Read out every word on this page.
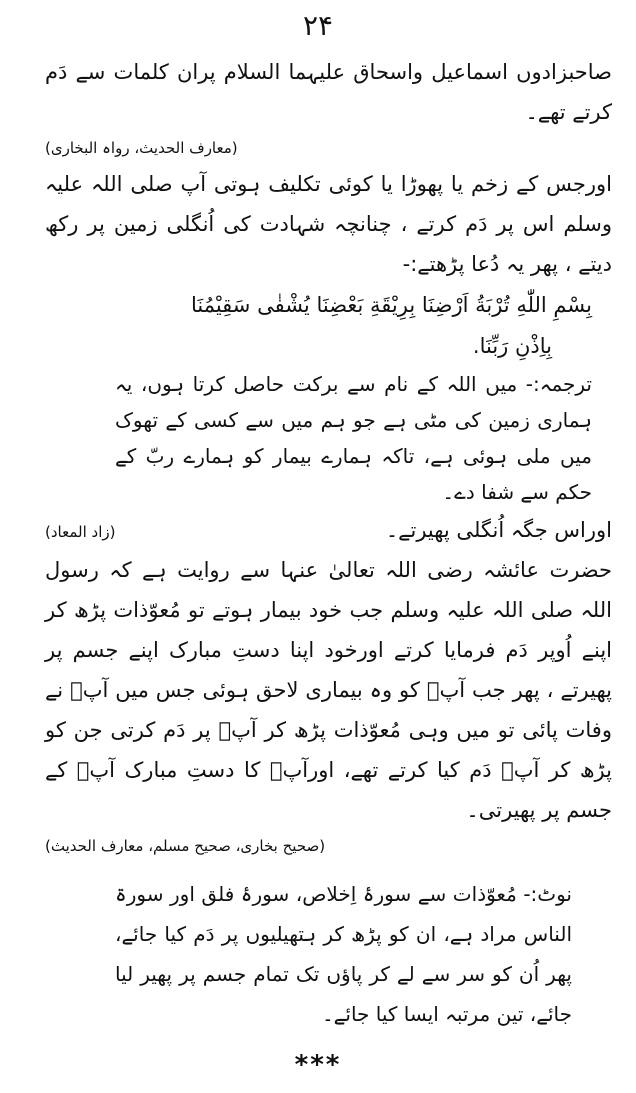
۲۴

صاحبزادوں اسماعیل واسحاق علیہما السلام پران کلمات سے دَم کرتے تھے۔

(معارف الحدیث، رواہ البخاری)

اورجس کے زخم یا پھوڑا یا کوئی تکلیف ہوتی آپ صلی اللہ علیہ وسلم اس پر دَم کرتے ، چنانچہ شہادت کی اُنگلی زمین پر رکھ دیتے ، پھر یہ دُعا پڑھتے:-

بِسْمِ اللّٰهِ تُرْبَةُ اَرْضِنَا بِرِيْقَةِ بَعْضِنَا يُشْفٰى سَقِيْمُنَا

بِاِذْنِ رَبِّنَا.

ترجمہ:- میں اللہ کے نام سے برکت حاصل کرتا ہوں، یہ ہماری زمین کی مٹی ہے جو ہم میں سے کسی کے تھوک میں ملی ہوئی ہے، تاکہ ہمارے بیمار کو ہمارے ربّ کے حکم سے شفا دے۔

اوراس جگہ اُنگلی پھیرتے۔

(زاد المعاد)

حضرت عائشہ رضی اللہ تعالیٰ عنہا سے روایت ہے کہ رسول اللہ صلی اللہ علیہ وسلم جب خود بیمار ہوتے تو مُعوّذات پڑھ کر اپنے اُوپر دَم فرمایا کرتے اورخود اپنا دستِ مبارک اپنے جسم پر پھیرتے ، پھر جب آپؐ کو وہ بیماری لاحق ہوئی جس میں آپؐ نے وفات پائی تو میں وہی مُعوّذات پڑھ کر آپؐ پر دَم کرتی جن کو پڑھ کر آپؐ دَم کیا کرتے تھے، اورآپؐ کا دستِ مبارک آپؐ کے جسم پر پھیرتی۔

(صحیح بخاری، صحیح مسلم، معارف الحدیث)

نوٹ:- مُعوّذات سے سورۂ اِخلاص، سورۂ فلق اور سورۃ الناس مراد ہے، ان کو پڑھ کر ہتھیلیوں پر دَم کیا جائے، پھر اُن کو سر سے لے کر پاؤں تک تمام جسم پر پھیر لیا جائے، تین مرتبہ ایسا کیا جائے۔

***
